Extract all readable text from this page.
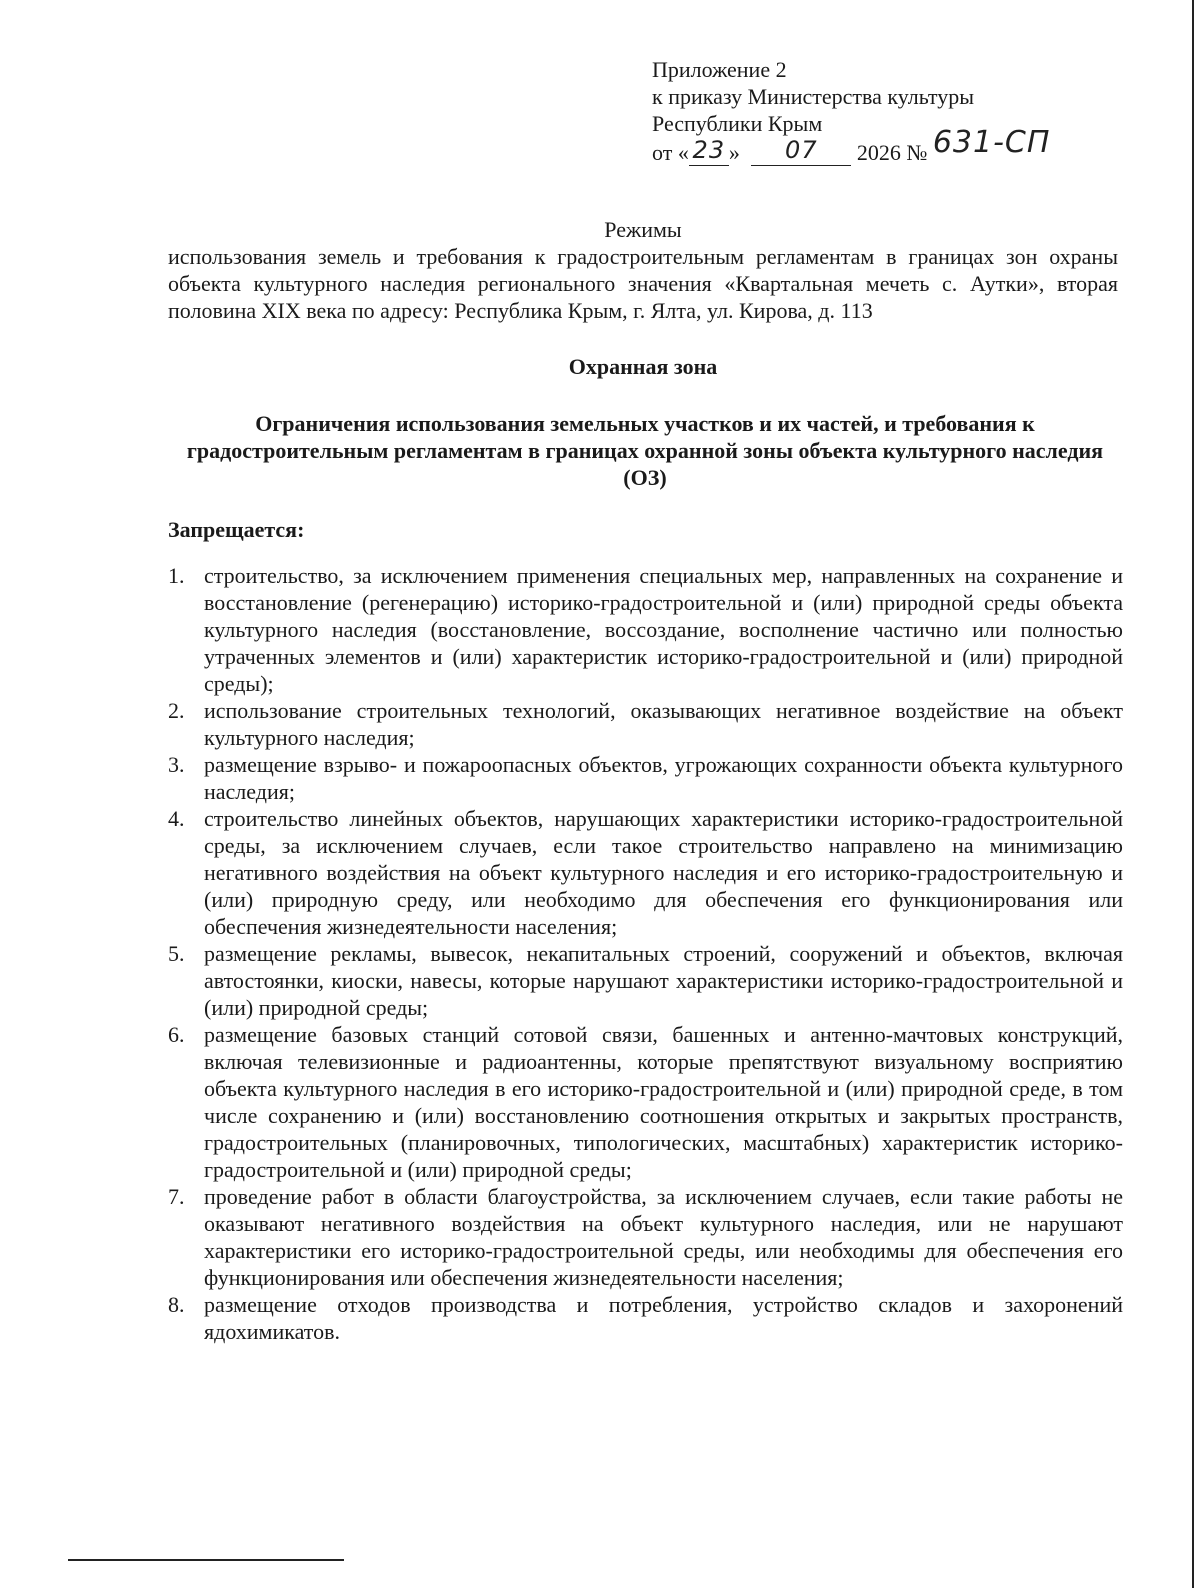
Приложение 2
к приказу Министерства культуры
Республики Крым
от « 23 » 07 2026 № 631-СП

Режимы

использования земель и требования к градостроительным регламентам в границах зон охраны объекта культурного наследия регионального значения «Квартальная мечеть с. Аутки», вторая половина XIX века по адресу: Республика Крым, г. Ялта, ул. Кирова, д. 113

Охранная зона
Ограничения использования земельных участков и их частей, и требования к градостроительным регламентам в границах охранной зоны объекта культурного наследия (ОЗ)
Запрещается:
1. строительство, за исключением применения специальных мер, направленных на сохранение и восстановление (регенерацию) историко-градостроительной и (или) природной среды объекта культурного наследия (восстановление, воссоздание, восполнение частично или полностью утраченных элементов и (или) характеристик историко-градостроительной и (или) природной среды);
2. использование строительных технологий, оказывающих негативное воздействие на объект культурного наследия;
3. размещение взрыво- и пожароопасных объектов, угрожающих сохранности объекта культурного наследия;
4. строительство линейных объектов, нарушающих характеристики историко-градостроительной среды, за исключением случаев, если такое строительство направлено на минимизацию негативного воздействия на объект культурного наследия и его историко-градостроительную и (или) природную среду, или необходимо для обеспечения его функционирования или обеспечения жизнедеятельности населения;
5. размещение рекламы, вывесок, некапитальных строений, сооружений и объектов, включая автостоянки, киоски, навесы, которые нарушают характеристики историко-градостроительной и (или) природной среды;
6. размещение базовых станций сотовой связи, башенных и антенно-мачтовых конструкций, включая телевизионные и радиоантенны, которые препятствуют визуальному восприятию объекта культурного наследия в его историко-градостроительной и (или) природной среде, в том числе сохранению и (или) восстановлению соотношения открытых и закрытых пространств, градостроительных (планировочных, типологических, масштабных) характеристик историко-градостроительной и (или) природной среды;
7. проведение работ в области благоустройства, за исключением случаев, если такие работы не оказывают негативного воздействия на объект культурного наследия, или не нарушают характеристики его историко-градостроительной среды, или необходимы для обеспечения его функционирования или обеспечения жизнедеятельности населения;
8. размещение отходов производства и потребления, устройство складов и захоронений ядохимикатов.
